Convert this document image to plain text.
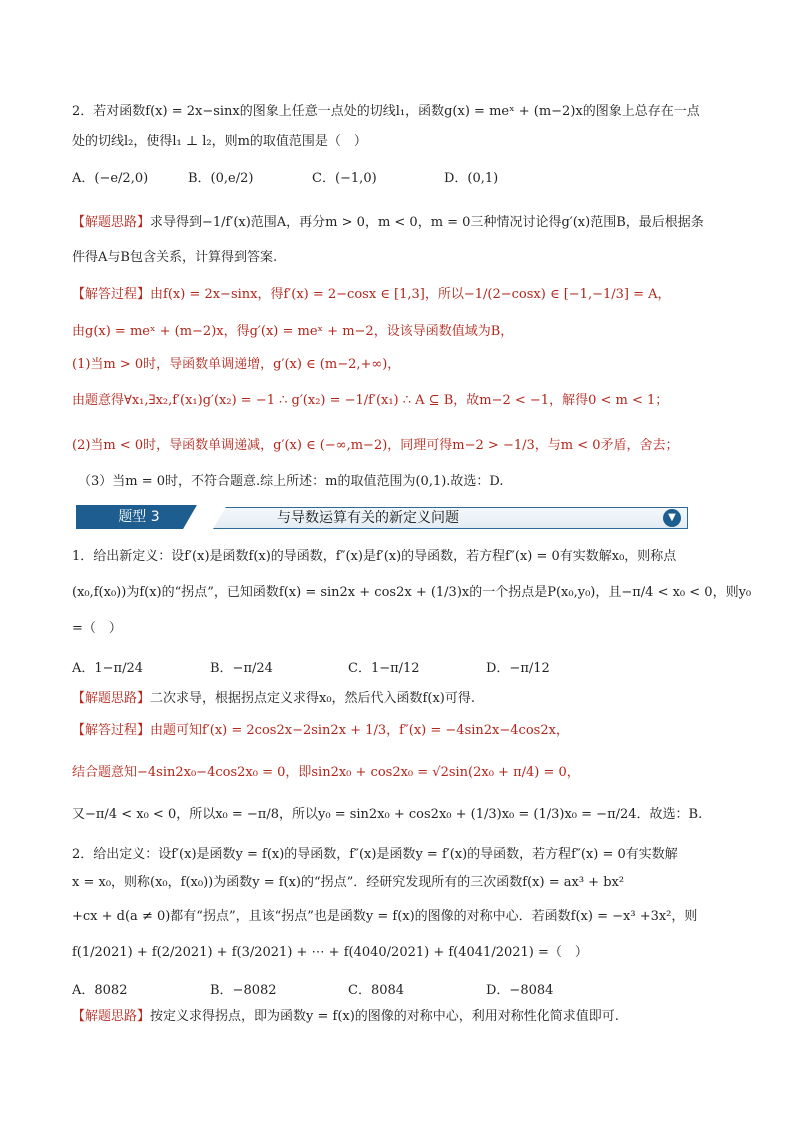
2．若对函数f(x) = 2x−sinx的图象上任意一点处的切线l₁，函数g(x) = meˣ + (m−2)x的图象上总存在一点
处的切线l₂，使得l₁ ⊥ l₂，则m的取值范围是（　）
A．(−e/2,0)	B．(0,e/2)	C．(−1,0)	D．(0,1)
【解题思路】求导得到−1/f′(x)范围A，再分m > 0，m < 0，m = 0三种情况讨论得g′(x)范围B，最后根据条
件得A与B包含关系，计算得到答案.
【解答过程】由f(x) = 2x−sinx，得f′(x) = 2−cosx ∈ [1,3]，所以−1/(2−cosx) ∈ [−1,−1/3] = A，
由g(x) = meˣ + (m−2)x，得g′(x) = meˣ + m−2，设该导函数值域为B，
(1)当m > 0时，导函数单调递增，g′(x) ∈ (m−2,+∞)，
由题意得∀x₁,∃x₂,f′(x₁)g′(x₂) = −1 ∴ g′(x₂) = −1/f′(x₁) ∴ A ⊆ B，故m−2 < −1，解得0 < m < 1；
(2)当m < 0时，导函数单调递减，g′(x) ∈ (−∞,m−2)，同理可得m−2 > −1/3，与m < 0矛盾，舍去；
（3）当m = 0时，不符合题意.综上所述：m的取值范围为(0,1).故选：D.
题型 3	与导数运算有关的新定义问题	▼
1．给出新定义：设f′(x)是函数f(x)的导函数，f″(x)是f′(x)的导函数，若方程f″(x) = 0有实数解x₀，则称点
(x₀,f(x₀))为f(x)的“拐点”，已知函数f(x) = sin2x + cos2x + (1/3)x的一个拐点是P(x₀,y₀)，且−π/4 < x₀ < 0，则y₀
=（　）
A．1−π/24	B．−π/24	C．1−π/12	D．−π/12
【解题思路】二次求导，根据拐点定义求得x₀，然后代入函数f(x)可得.
【解答过程】由题可知f′(x) = 2cos2x−2sin2x + 1/3，f″(x) = −4sin2x−4cos2x，
结合题意知−4sin2x₀−4cos2x₀ = 0，即sin2x₀ + cos2x₀ = √2sin(2x₀ + π/4) = 0，
又−π/4 < x₀ < 0，所以x₀ = −π/8，所以y₀ = sin2x₀ + cos2x₀ + (1/3)x₀ = (1/3)x₀ = −π/24．故选：B.
2．给出定义：设f′(x)是函数y = f(x)的导函数，f″(x)是函数y = f′(x)的导函数，若方程f″(x) = 0有实数解
x = x₀，则称(x₀，f(x₀))为函数y = f(x)的“拐点”．经研究发现所有的三次函数f(x) = ax³ + bx²
+cx + d(a ≠ 0)都有“拐点”，且该“拐点”也是函数y = f(x)的图像的对称中心．若函数f(x) = −x³ +3x²，则
f(1/2021) + f(2/2021) + f(3/2021) + ⋯ + f(4040/2021) + f(4041/2021) =（　）
A．8082	B．−8082	C．8084	D．−8084
【解题思路】按定义求得拐点，即为函数y = f(x)的图像的对称中心，利用对称性化简求值即可.
